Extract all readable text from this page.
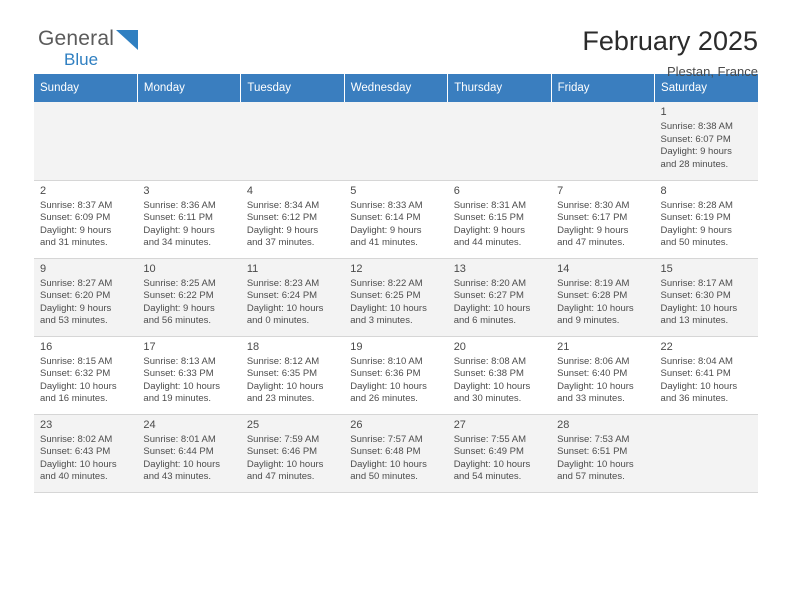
General
Blue
February 2025
Plestan, France
Sunday	Monday	Tuesday	Wednesday	Thursday	Friday	Saturday

						1
Sunrise: 8:38 AM
Sunset: 6:07 PM
Daylight: 9 hours
and 28 minutes.

2
Sunrise: 8:37 AM
Sunset: 6:09 PM
Daylight: 9 hours
and 31 minutes.	3
Sunrise: 8:36 AM
Sunset: 6:11 PM
Daylight: 9 hours
and 34 minutes.	4
Sunrise: 8:34 AM
Sunset: 6:12 PM
Daylight: 9 hours
and 37 minutes.	5
Sunrise: 8:33 AM
Sunset: 6:14 PM
Daylight: 9 hours
and 41 minutes.	6
Sunrise: 8:31 AM
Sunset: 6:15 PM
Daylight: 9 hours
and 44 minutes.	7
Sunrise: 8:30 AM
Sunset: 6:17 PM
Daylight: 9 hours
and 47 minutes.	8
Sunrise: 8:28 AM
Sunset: 6:19 PM
Daylight: 9 hours
and 50 minutes.

9
Sunrise: 8:27 AM
Sunset: 6:20 PM
Daylight: 9 hours
and 53 minutes.	10
Sunrise: 8:25 AM
Sunset: 6:22 PM
Daylight: 9 hours
and 56 minutes.	11
Sunrise: 8:23 AM
Sunset: 6:24 PM
Daylight: 10 hours
and 0 minutes.	12
Sunrise: 8:22 AM
Sunset: 6:25 PM
Daylight: 10 hours
and 3 minutes.	13
Sunrise: 8:20 AM
Sunset: 6:27 PM
Daylight: 10 hours
and 6 minutes.	14
Sunrise: 8:19 AM
Sunset: 6:28 PM
Daylight: 10 hours
and 9 minutes.	15
Sunrise: 8:17 AM
Sunset: 6:30 PM
Daylight: 10 hours
and 13 minutes.

16
Sunrise: 8:15 AM
Sunset: 6:32 PM
Daylight: 10 hours
and 16 minutes.	17
Sunrise: 8:13 AM
Sunset: 6:33 PM
Daylight: 10 hours
and 19 minutes.	18
Sunrise: 8:12 AM
Sunset: 6:35 PM
Daylight: 10 hours
and 23 minutes.	19
Sunrise: 8:10 AM
Sunset: 6:36 PM
Daylight: 10 hours
and 26 minutes.	20
Sunrise: 8:08 AM
Sunset: 6:38 PM
Daylight: 10 hours
and 30 minutes.	21
Sunrise: 8:06 AM
Sunset: 6:40 PM
Daylight: 10 hours
and 33 minutes.	22
Sunrise: 8:04 AM
Sunset: 6:41 PM
Daylight: 10 hours
and 36 minutes.

23
Sunrise: 8:02 AM
Sunset: 6:43 PM
Daylight: 10 hours
and 40 minutes.	24
Sunrise: 8:01 AM
Sunset: 6:44 PM
Daylight: 10 hours
and 43 minutes.	25
Sunrise: 7:59 AM
Sunset: 6:46 PM
Daylight: 10 hours
and 47 minutes.	26
Sunrise: 7:57 AM
Sunset: 6:48 PM
Daylight: 10 hours
and 50 minutes.	27
Sunrise: 7:55 AM
Sunset: 6:49 PM
Daylight: 10 hours
and 54 minutes.	28
Sunrise: 7:53 AM
Sunset: 6:51 PM
Daylight: 10 hours
and 57 minutes.	
